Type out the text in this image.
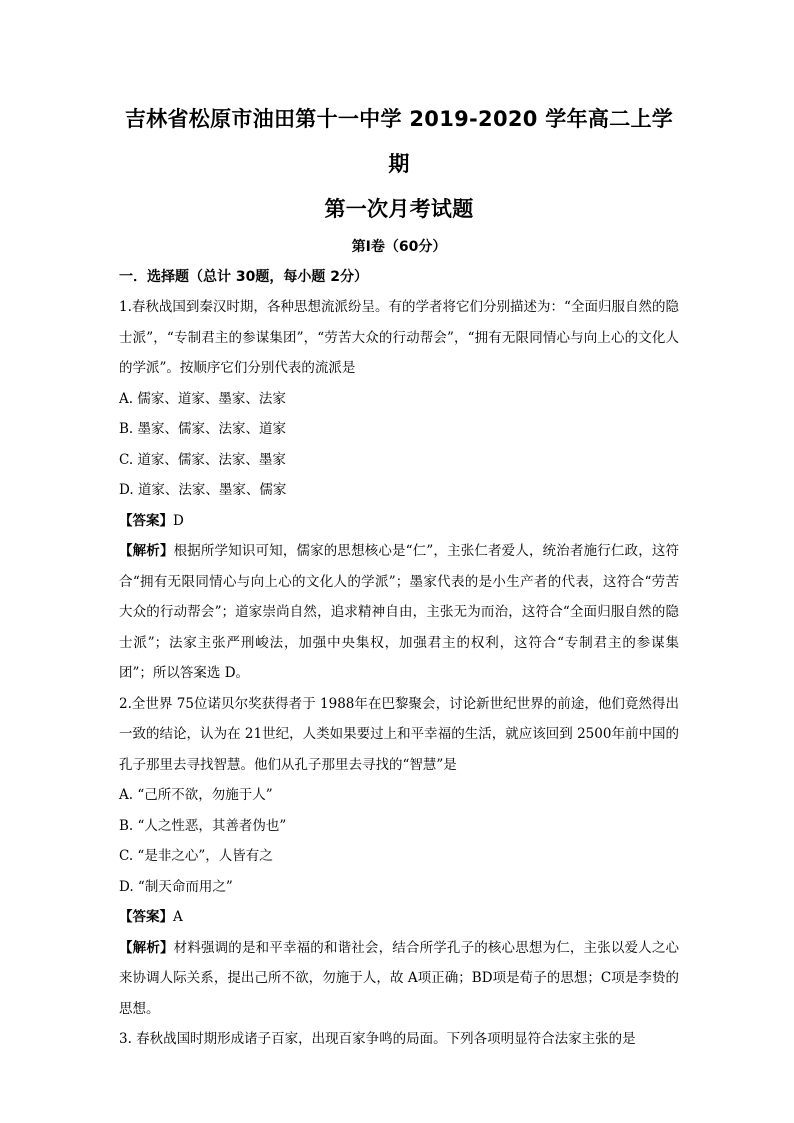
吉林省松原市油田第十一中学 2019-2020 学年高二上学期

第一次月考试题

第Ⅰ卷（60分）

一．选择题（总计 30题，每小题 2分）

1.春秋战国到秦汉时期，各种思想流派纷呈。有的学者将它们分别描述为：“全面归服自然的隐士派”，“专制君主的参谋集团”，“劳苦大众的行动帮会”，“拥有无限同情心与向上心的文化人的学派”。按顺序它们分别代表的流派是

A. 儒家、道家、墨家、法家

B. 墨家、儒家、法家、道家

C. 道家、儒家、法家、墨家

D. 道家、法家、墨家、儒家

【答案】D

【解析】根据所学知识可知，儒家的思想核心是“仁”，主张仁者爱人，统治者施行仁政，这符合“拥有无限同情心与向上心的文化人的学派”；墨家代表的是小生产者的代表，这符合“劳苦大众的行动帮会”；道家崇尚自然，追求精神自由，主张无为而治，这符合“全面归服自然的隐士派”；法家主张严刑峻法，加强中央集权，加强君主的权利，这符合“专制君主的参谋集团”；所以答案选 D。

2.全世界 75位诺贝尔奖获得者于 1988年在巴黎聚会，讨论新世纪世界的前途，他们竟然得出一致的结论，认为在 21世纪，人类如果要过上和平幸福的生活，就应该回到 2500年前中国的孔子那里去寻找智慧。他们从孔子那里去寻找的“智慧”是

A. “己所不欲，勿施于人”

B. “人之性恶，其善者伪也”

C. “是非之心”，人皆有之

D. “制天命而用之”

【答案】A

【解析】材料强调的是和平幸福的和谐社会，结合所学孔子的核心思想为仁，主张以爱人之心来协调人际关系，提出己所不欲，勿施于人，故 A项正确；BD项是荀子的思想；C项是李贽的思想。

3. 春秋战国时期形成诸子百家，出现百家争鸣的局面。下列各项明显符合法家主张的是
